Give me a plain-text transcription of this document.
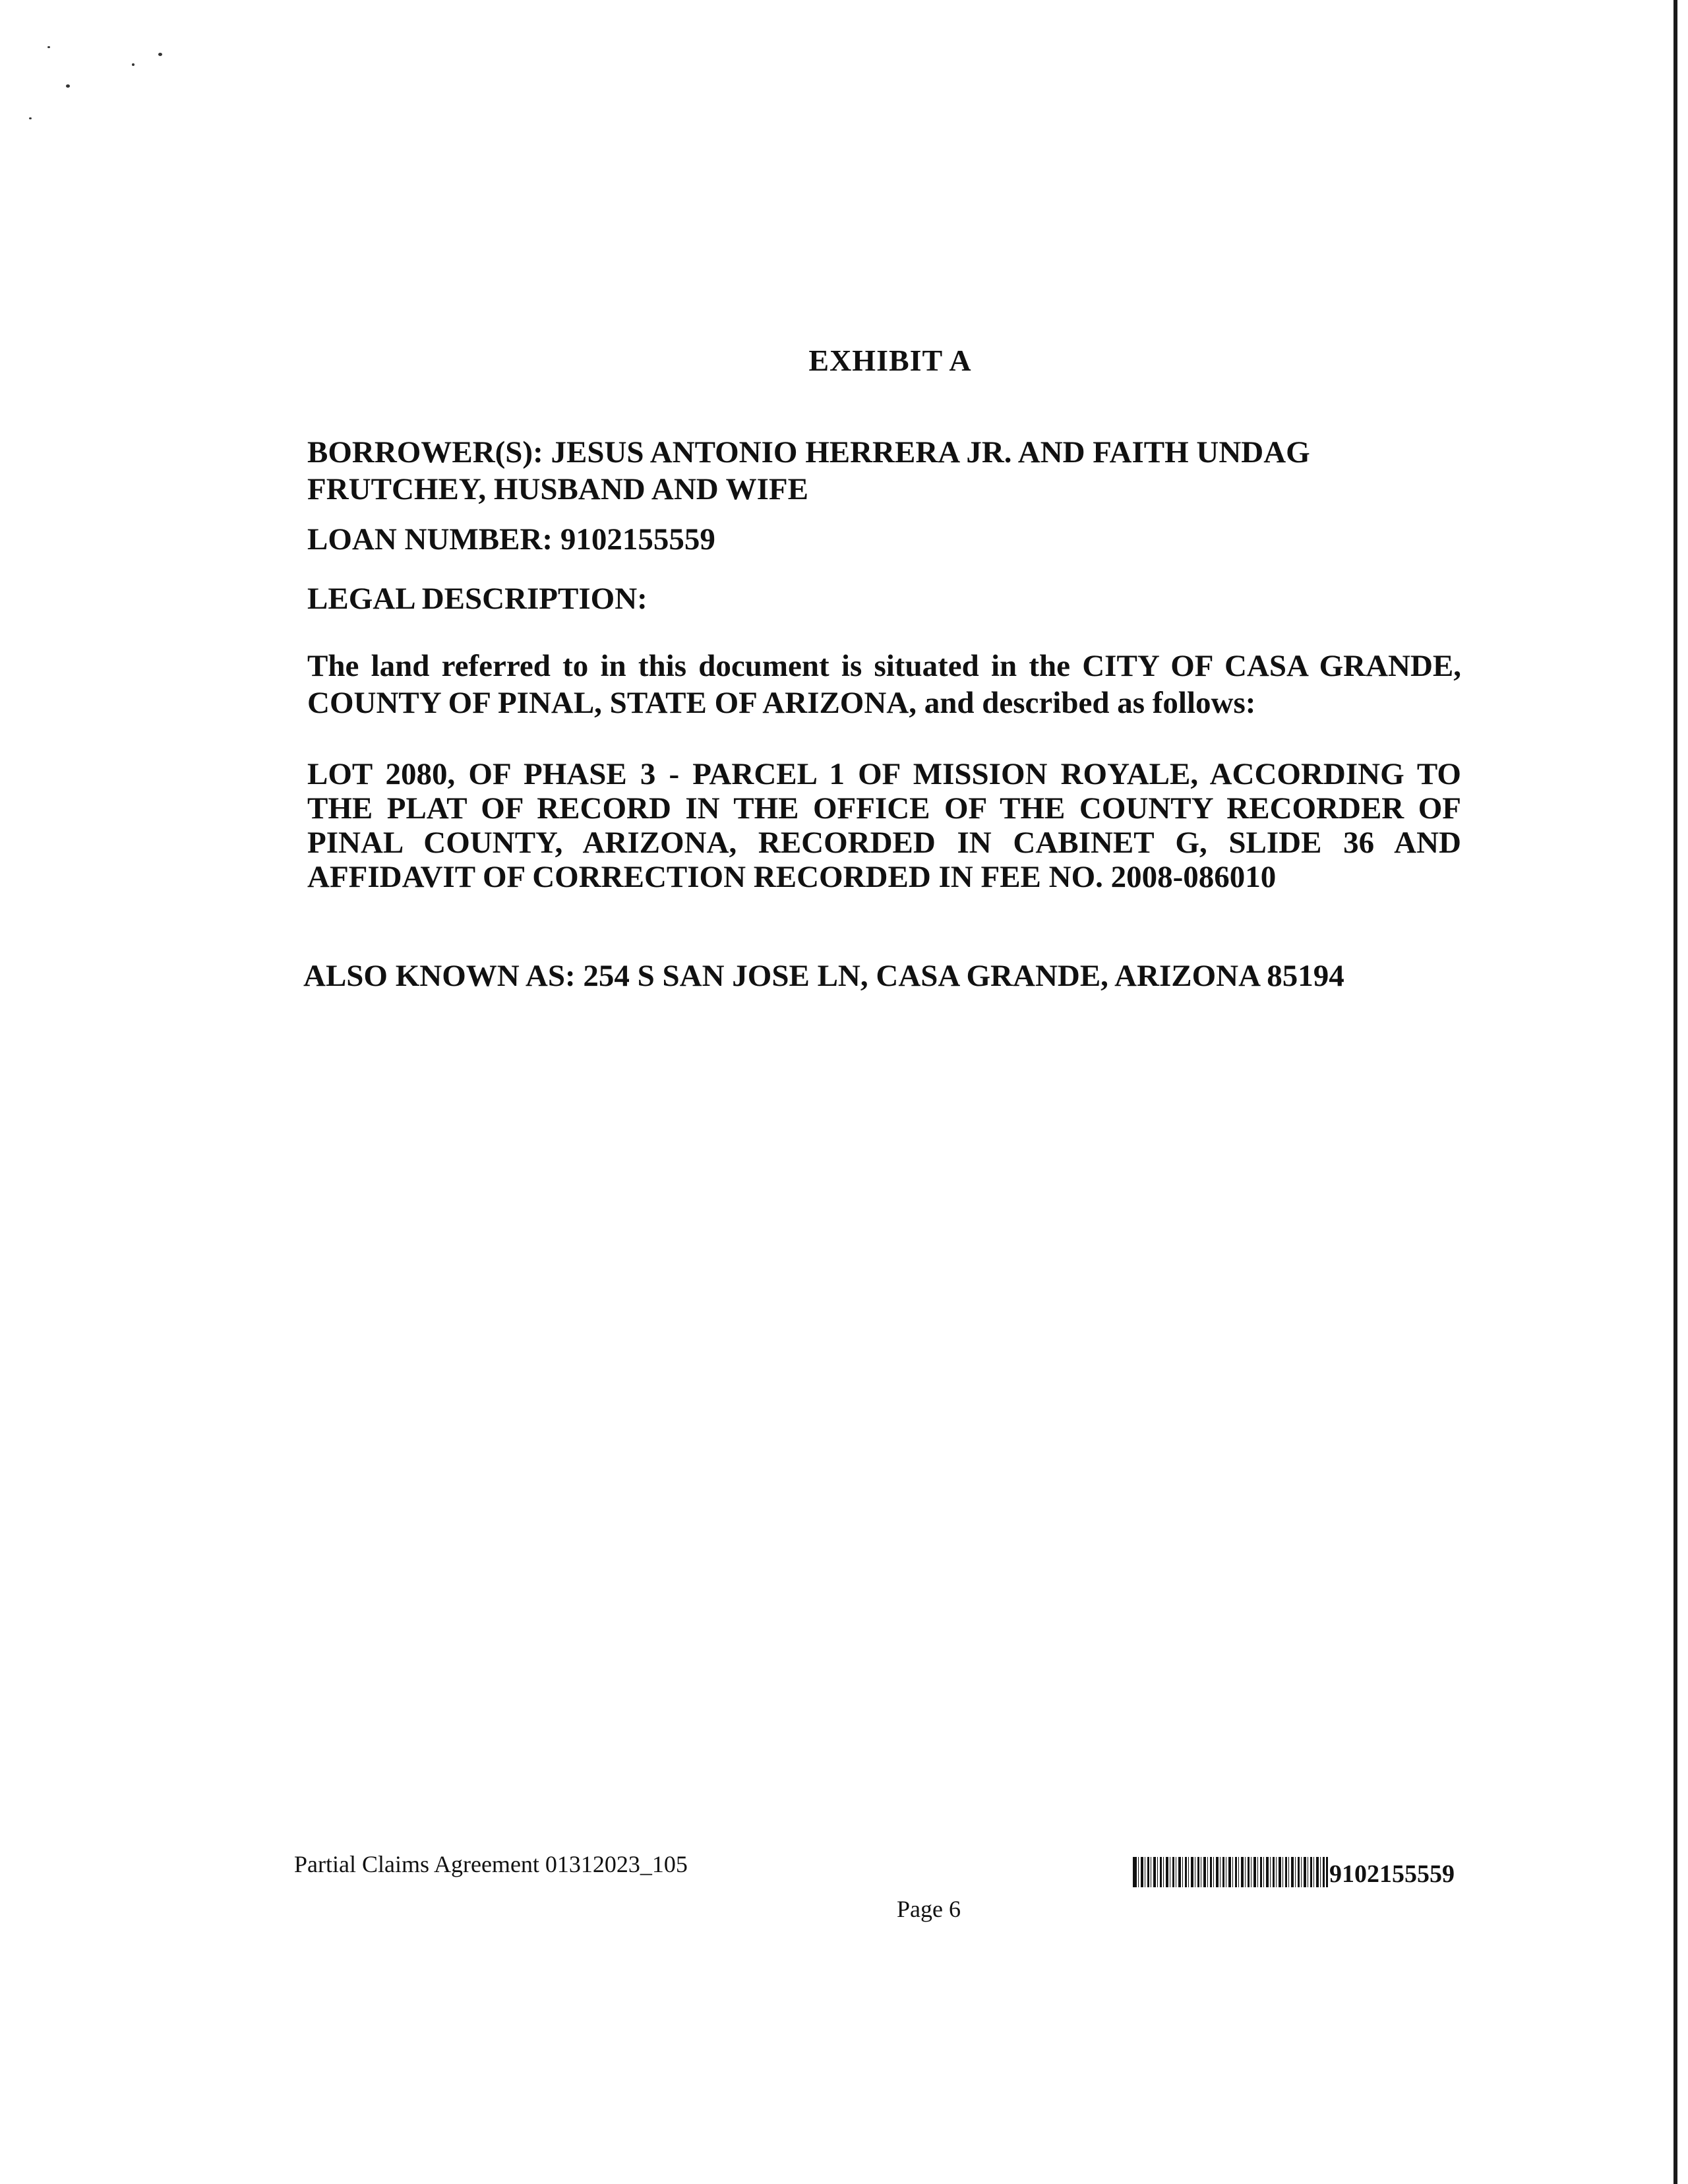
EXHIBIT A
BORROWER(S): JESUS ANTONIO HERRERA JR. AND FAITH UNDAG
FRUTCHEY, HUSBAND AND WIFE
LOAN NUMBER: 9102155559
LEGAL DESCRIPTION:
The land referred to in this document is situated in the CITY OF CASA GRANDE, COUNTY OF PINAL, STATE OF ARIZONA, and described as follows:
LOT 2080, OF PHASE 3 - PARCEL 1 OF MISSION ROYALE, ACCORDING TO THE PLAT OF RECORD IN THE OFFICE OF THE COUNTY RECORDER OF PINAL COUNTY, ARIZONA, RECORDED IN CABINET G, SLIDE 36 AND AFFIDAVIT OF CORRECTION RECORDED IN FEE NO. 2008-086010
ALSO KNOWN AS: 254 S SAN JOSE LN, CASA GRANDE, ARIZONA 85194
Partial Claims Agreement 01312023_105	9102155559
Page 6
